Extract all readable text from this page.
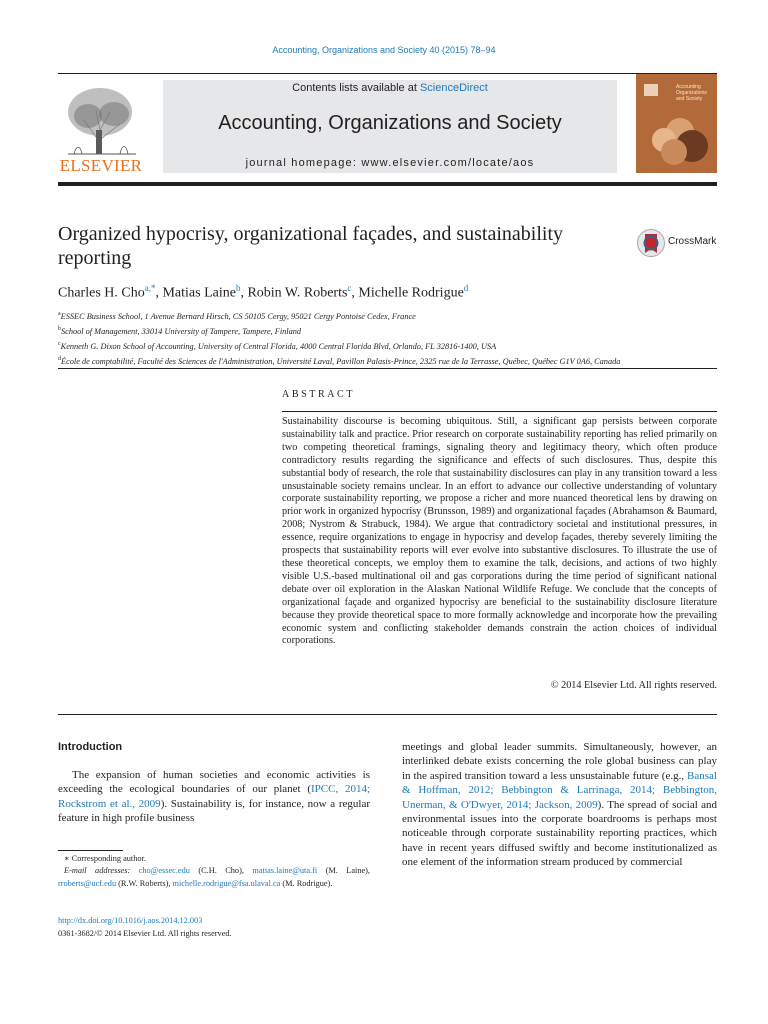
Accounting, Organizations and Society 40 (2015) 78–94
ELSEVIER
Contents lists available at ScienceDirect
Accounting, Organizations and Society
journal homepage: www.elsevier.com/locate/aos
Accounting
Organizations
and Society
Organized hypocrisy, organizational façades, and sustainability reporting
CrossMark
Charles H. Cho$^{a,*}$, Matias Laine$^b$, Robin W. Roberts$^c$, Michelle Rodrigue$^d$
$^a$ESSEC Business School, 1 Avenue Bernard Hirsch, CS 50105 Cergy, 95021 Cergy Pontoise Cedex, France
$^b$School of Management, 33014 University of Tampere, Tampere, Finland
$^c$Kenneth G. Dixon School of Accounting, University of Central Florida, 4000 Central Florida Blvd, Orlando, FL 32816-1400, USA
$^d$École de comptabilité, Faculté des Sciences de l'Administration, Université Laval, Pavillon Palasis-Prince, 2325 rue de la Terrasse, Québec, Québec G1V 0A6, Canada
ABSTRACT
Sustainability discourse is becoming ubiquitous. Still, a significant gap persists between corporate sustainability talk and practice. Prior research on corporate sustainability reporting has relied primarily on two competing theoretical framings, signaling theory and legitimacy theory, which often produce contradictory results regarding the significance and effects of such disclosures. Thus, despite this substantial body of research, the role that sustainability disclosures can play in any transition toward a less unsustainable society remains unclear. In an effort to advance our collective understanding of voluntary corporate sustainability reporting, we propose a richer and more nuanced theoretical lens by drawing on prior work in organized hypocrisy (Brunsson, 1989) and organizational façades (Abrahamson & Baumard, 2008; Nystrom & Strabuck, 1984). We argue that contradictory societal and institutional pressures, in essence, require organizations to engage in hypocrisy and develop façades, thereby severely limiting the prospects that sustainability reports will ever evolve into substantive disclosures. To illustrate the use of these theoretical concepts, we employ them to examine the talk, decisions, and actions of two highly visible U.S.-based multinational oil and gas corporations during the time period of significant national debate over oil exploration in the Alaskan National Wildlife Refuge. We conclude that the concepts of organizational façade and organized hypocrisy are beneficial to the sustainability disclosure literature because they provide theoretical space to more formally acknowledge and incorporate how the prevailing economic system and conflicting stakeholder demands constrain the action choices of individual corporations.
© 2014 Elsevier Ltd. All rights reserved.
Introduction
The expansion of human societies and economic activities is exceeding the ecological boundaries of our planet (IPCC, 2014; Rockstrom et al., 2009). Sustainability is, for instance, now a regular feature in high profile business
meetings and global leader summits. Simultaneously, however, an interlinked debate exists concerning the role global business can play in the aspired transition toward a less unsustainable future (e.g., Bansal & Hoffman, 2012; Bebbington & Larrinaga, 2014; Bebbington, Unerman, & O'Dwyer, 2014; Jackson, 2009). The spread of social and environmental issues into the corporate boardrooms is perhaps most noticeable through corporate sustainability reporting practices, which have in recent years diffused swiftly and become institutionalized as one element of the information stream produced by commercial
∗ Corresponding author.
E-mail addresses: cho@essec.edu (C.H. Cho), matias.laine@uta.fi (M. Laine), rroberts@ucf.edu (R.W. Roberts), michelle.rodrigue@fsa.ulaval.ca (M. Rodrigue).
http://dx.doi.org/10.1016/j.aos.2014.12.003
0361-3682/© 2014 Elsevier Ltd. All rights reserved.
